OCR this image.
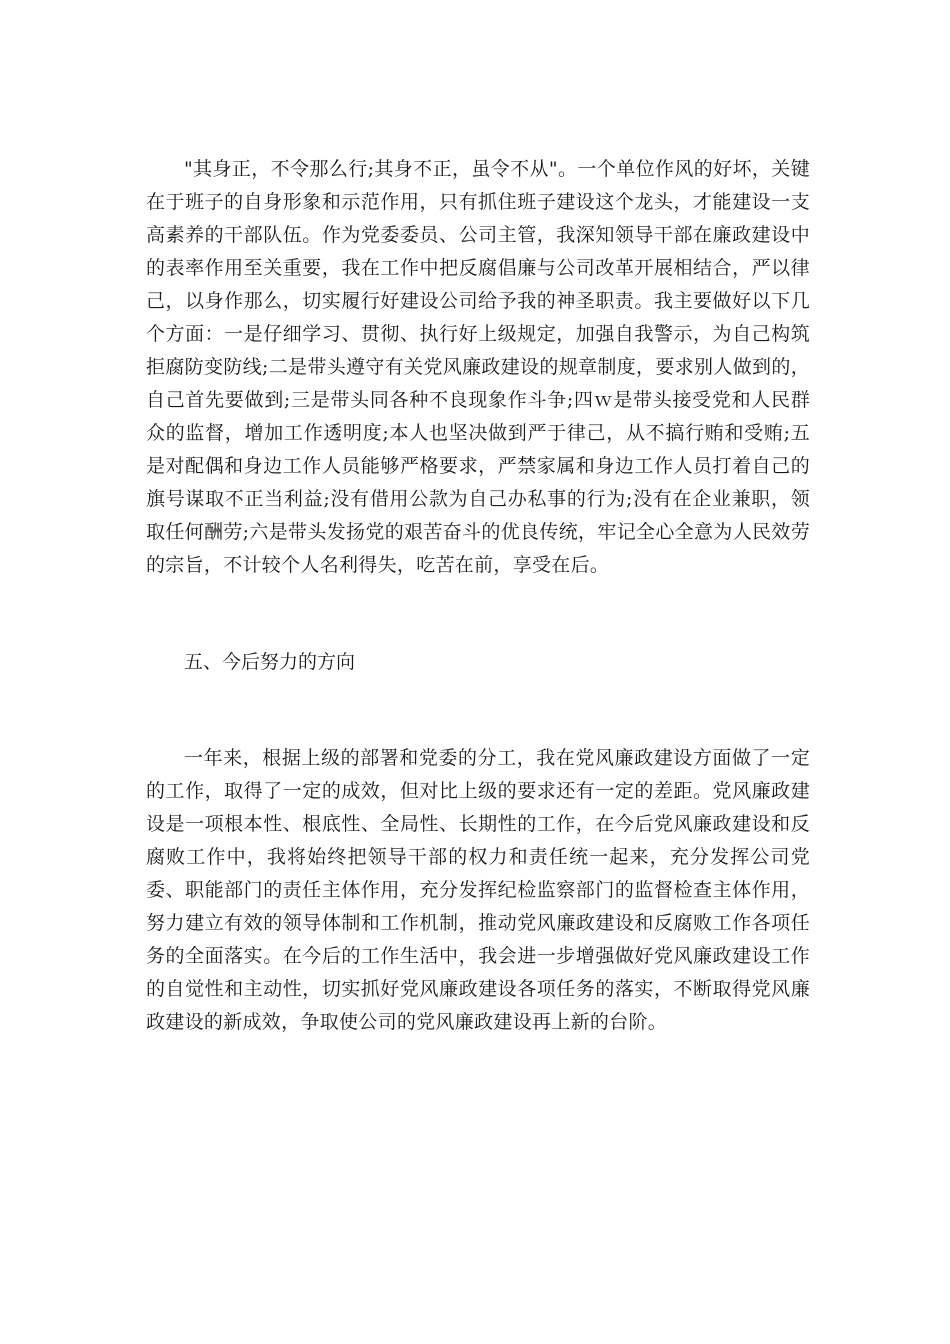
"其身正，不令那么行;其身不正，虽令不从"。一个单位作风的好坏，关键在于班子的自身形象和示范作用，只有抓住班子建设这个龙头，才能建设一支高素养的干部队伍。作为党委委员、公司主管，我深知领导干部在廉政建设中的表率作用至关重要，我在工作中把反腐倡廉与公司改革开展相结合，严以律己，以身作那么，切实履行好建设公司给予我的神圣职责。我主要做好以下几个方面：一是仔细学习、贯彻、执行好上级规定，加强自我警示，为自己构筑拒腐防变防线;二是带头遵守有关党风廉政建设的规章制度，要求别人做到的，自己首先要做到;三是带头同各种不良现象作斗争;四ｗ是带头接受党和人民群众的监督，增加工作透明度;本人也坚决做到严于律己，从不搞行贿和受贿;五是对配偶和身边工作人员能够严格要求，严禁家属和身边工作人员打着自己的旗号谋取不正当利益;没有借用公款为自己办私事的行为;没有在企业兼职，领取任何酬劳;六是带头发扬党的艰苦奋斗的优良传统，牢记全心全意为人民效劳的宗旨，不计较个人名利得失，吃苦在前，享受在后。

五、今后努力的方向

一年来，根据上级的部署和党委的分工，我在党风廉政建设方面做了一定的工作，取得了一定的成效，但对比上级的要求还有一定的差距。党风廉政建设是一项根本性、根底性、全局性、长期性的工作，在今后党风廉政建设和反腐败工作中，我将始终把领导干部的权力和责任统一起来，充分发挥公司党委、职能部门的责任主体作用，充分发挥纪检监察部门的监督检查主体作用，努力建立有效的领导体制和工作机制，推动党风廉政建设和反腐败工作各项任务的全面落实。在今后的工作生活中，我会进一步增强做好党风廉政建设工作的自觉性和主动性，切实抓好党风廉政建设各项任务的落实，不断取得党风廉政建设的新成效，争取使公司的党风廉政建设再上新的台阶。
